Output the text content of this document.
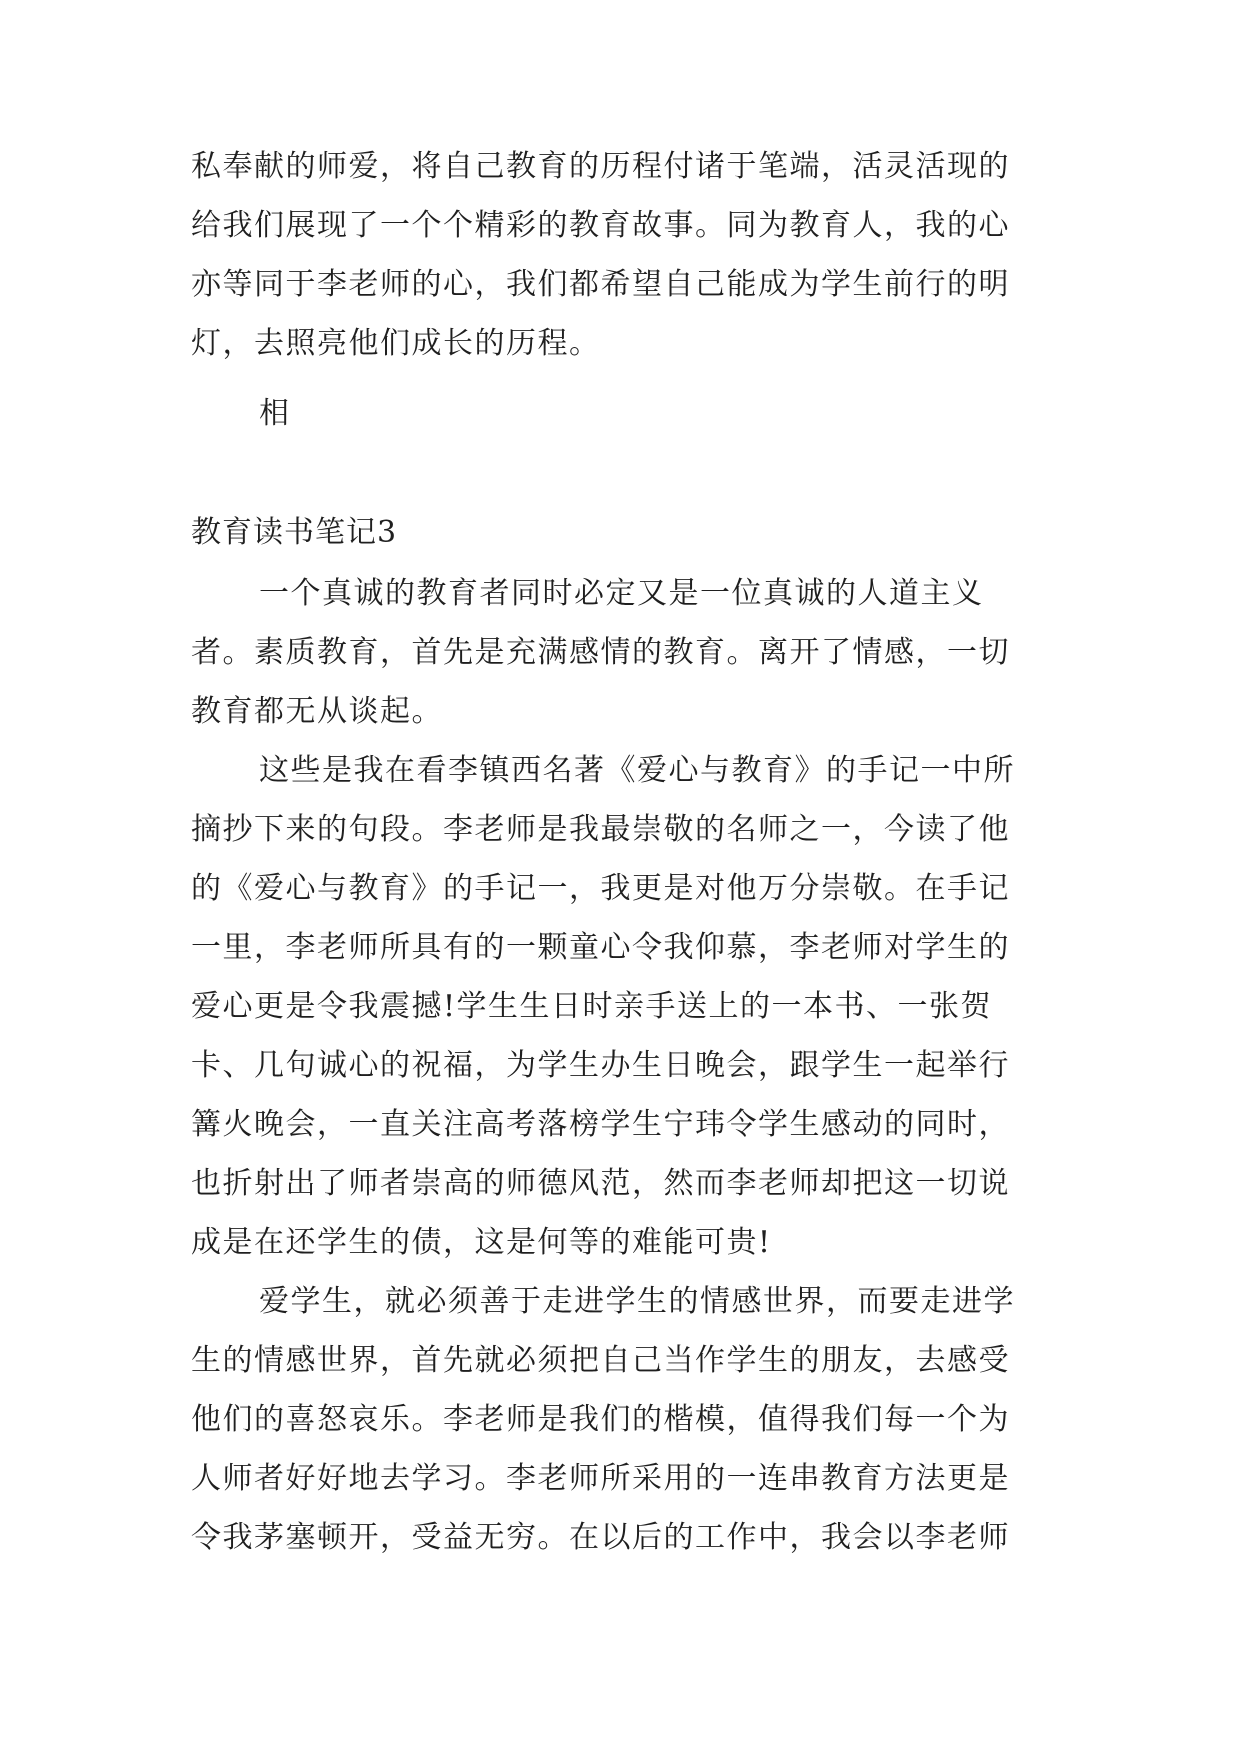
私奉献的师爱，将自己教育的历程付诸于笔端，活灵活现的
给我们展现了一个个精彩的教育故事。同为教育人，我的心
亦等同于李老师的心，我们都希望自己能成为学生前行的明
灯，去照亮他们成长的历程。
相
教育读书笔记3
一个真诚的教育者同时必定又是一位真诚的人道主义
者。素质教育，首先是充满感情的教育。离开了情感，一切
教育都无从谈起。
这些是我在看李镇西名著《爱心与教育》的手记一中所
摘抄下来的句段。李老师是我最崇敬的名师之一，今读了他
的《爱心与教育》的手记一，我更是对他万分崇敬。在手记
一里，李老师所具有的一颗童心令我仰慕，李老师对学生的
爱心更是令我震撼!学生生日时亲手送上的一本书、一张贺
卡、几句诚心的祝福，为学生办生日晚会，跟学生一起举行
篝火晚会，一直关注高考落榜学生宁玮令学生感动的同时，
也折射出了师者崇高的师德风范，然而李老师却把这一切说
成是在还学生的债，这是何等的难能可贵!
爱学生，就必须善于走进学生的情感世界，而要走进学
生的情感世界，首先就必须把自己当作学生的朋友，去感受
他们的喜怒哀乐。李老师是我们的楷模，值得我们每一个为
人师者好好地去学习。李老师所采用的一连串教育方法更是
令我茅塞顿开，受益无穷。在以后的工作中，我会以李老师
